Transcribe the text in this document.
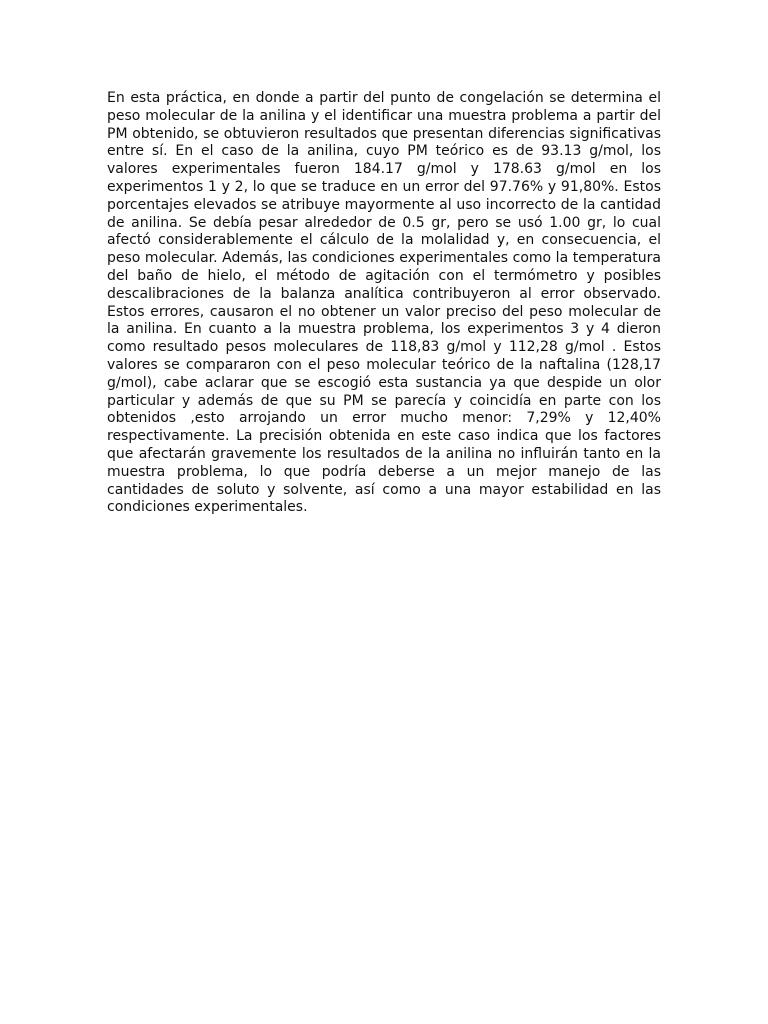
En esta práctica, en donde a partir del punto de congelación se determina el peso molecular de la anilina y el identificar una muestra problema a partir del PM obtenido, se obtuvieron resultados que presentan diferencias significativas entre sí. En el caso de la anilina, cuyo PM teórico es de 93.13 g/mol, los valores experimentales fueron 184.17 g/mol y 178.63 g/mol en los experimentos 1 y 2, lo que se traduce en un error del 97.76% y 91,80%. Estos porcentajes elevados se atribuye mayormente al uso incorrecto de la cantidad de anilina. Se debía pesar alrededor de 0.5 gr, pero se usó 1.00 gr, lo cual afectó considerablemente el cálculo de la molalidad y, en consecuencia, el peso molecular. Además, las condiciones experimentales como la temperatura del baño de hielo, el método de agitación con el termómetro y posibles descalibraciones de la balanza analítica contribuyeron al error observado. Estos errores, causaron el no obtener un valor preciso del peso molecular de la anilina. En cuanto a la muestra problema, los experimentos 3 y 4 dieron como resultado pesos moleculares de 118,83 g/mol y 112,28 g/mol . Estos valores se compararon con el peso molecular teórico de la naftalina (128,17 g/mol), cabe aclarar que se escogió esta sustancia ya que despide un olor particular y además de que su PM se parecía y coincidía en parte con los obtenidos ,esto arrojando un error mucho menor: 7,29% y 12,40% respectivamente. La precisión obtenida en este caso indica que los factores que afectarán gravemente los resultados de la anilina no influirán tanto en la muestra problema, lo que podría deberse a un mejor manejo de las cantidades de soluto y solvente, así como a una mayor estabilidad en las condiciones experimentales.
